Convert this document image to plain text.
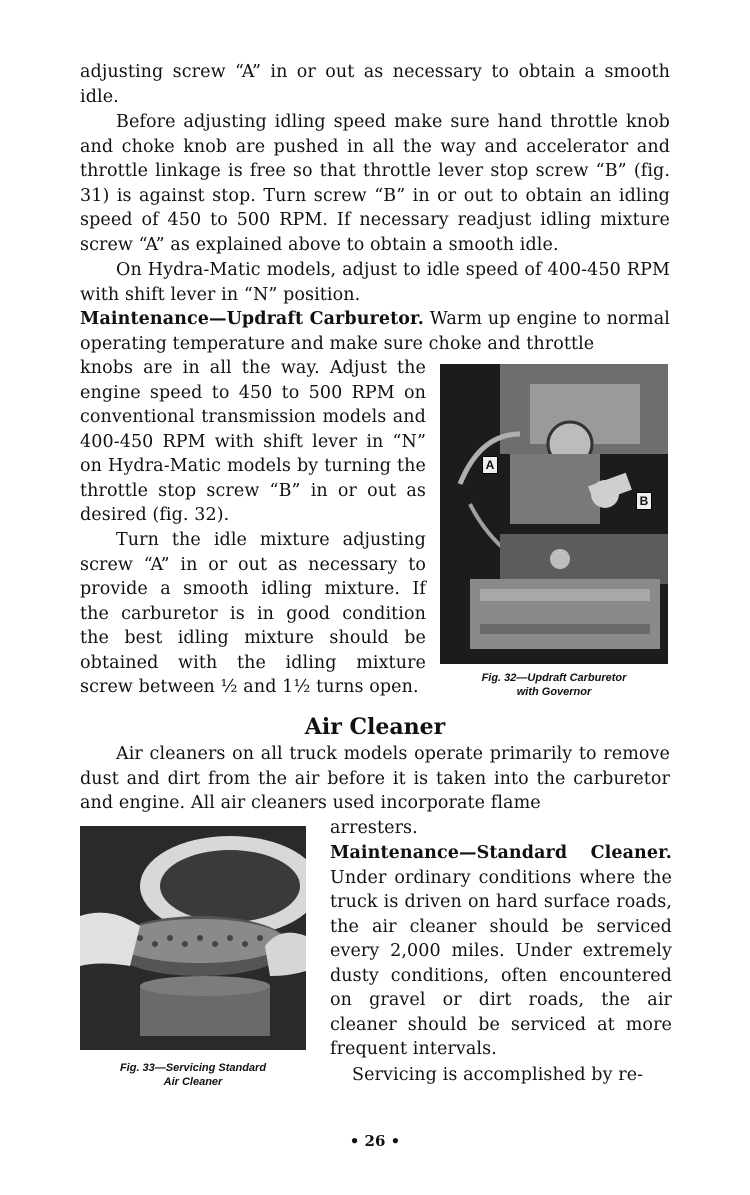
adjusting screw “A” in or out as necessary to obtain a smooth idle.
Before adjusting idling speed make sure hand throttle knob and choke knob are pushed in all the way and accelerator and throttle linkage is free so that throttle lever stop screw “B” (fig. 31) is against stop. Turn screw “B” in or out to obtain an idling speed of 450 to 500 RPM. If necessary readjust idling mixture screw “A” as explained above to obtain a smooth idle.
On Hydra-Matic models, adjust to idle speed of 400-450 RPM with shift lever in “N” position.
Maintenance—Updraft Carburetor. Warm up engine to normal operating temperature and make sure choke and throttle
knobs are in all the way. Adjust the engine speed to 450 to 500 RPM on conventional transmission models and 400-450 RPM with shift lever in “N” on Hydra-Matic models by turning the throttle stop screw “B” in or out as desired (fig. 32).
Turn the idle mixture adjusting screw “A” in or out as necessary to provide a smooth idling mixture. If the carburetor is in good condition the best idling mixture should be obtained with the idling mixture screw between ½ and 1½ turns open.
A
B
Fig. 32—Updraft Carburetor
with Governor
Air Cleaner
Air cleaners on all truck models operate primarily to remove dust and dirt from the air before it is taken into the carburetor and engine. All air cleaners used incorporate flame
Fig. 33—Servicing Standard
Air Cleaner
arresters.
Maintenance—Standard Cleaner. Under ordinary conditions where the truck is driven on hard surface roads, the air cleaner should be serviced every 2,000 miles. Under extremely dusty conditions, often encountered on gravel or dirt roads, the air cleaner should be serviced at more frequent intervals.
Servicing is accomplished by re-
• 26 •
